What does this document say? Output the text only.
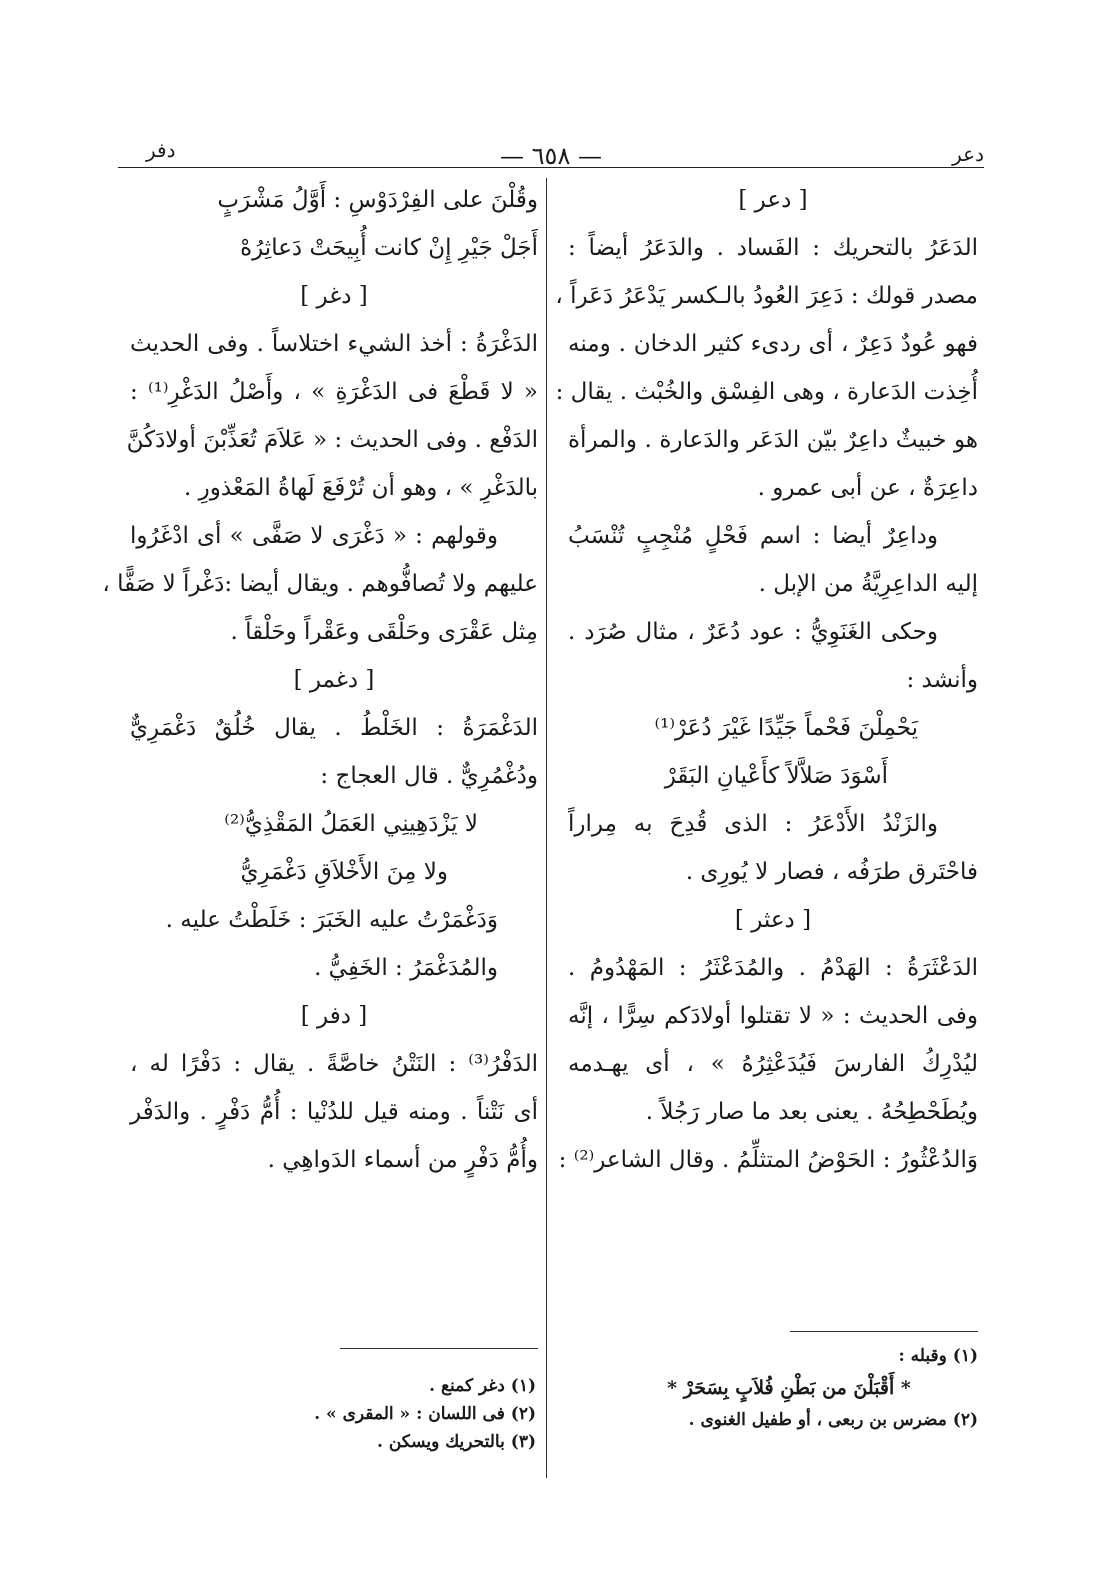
دعر
— ٦٥٨ —
دفر
[ دعر ]
الدَعَرُ بالتحريك : الفَساد . والدَعَرُ أيضاً :
مصدر قولك : دَعِرَ العُودُ بالـكسر يَدْعَرُ دَعَراً ،
فهو عُودٌ دَعِرٌ ، أى ردىء كثير الدخان . ومنه
أُخِذت الدَعارة ، وهى الفِسْق والخُبْث . يقال :
هو خبيثٌ داعِرٌ بيّن الدَعَر والدَعارة . والمرأة
داعِرَةٌ ، عن أبى عمرو .
وداعِرٌ أيضا : اسم فَحْلٍ مُنْجِبٍ تُنْسَبُ
إليه الداعِرِيَّةُ من الإبل .
وحكى الغَنَوِيُّ : عود دُعَرٌ ، مثال صُرَد .
وأنشد :
يَحْمِلْنَ فَحْماً جَيِّدًا غَيْرَ دُعَرْ⁽¹⁾
أَسْوَدَ صَلاَّلاً كأَعْيانِ البَقَرْ
والزَنْدُ الأَدْعَرُ : الذى قُدِحَ به مِراراً
فاحْتَرق طرَفُه ، فصار لا يُورِى .
[ دعثر ]
الدَعْثَرَةُ : الهَدْمُ . والمُدَعْثَرُ : المَهْدُومُ .
وفى الحديث : « لا تقتلوا أولادَكم سِرًّا ، إنَّه
ليُدْرِكُ الفارسَ فَيُدَعْثِرُهُ » ، أى يهـدمه
ويُطَحْطِحُهُ . يعنى بعد ما صار رَجُلاً .
وَالدُعْثُورُ : الحَوْضُ المتثلِّمُ . وقال الشاعر⁽²⁾ :
وقُلْنَ على الفِرْدَوْسِ : أَوَّلُ مَشْرَبٍ
أَجَلْ جَيْرِ إِنْ كانت أُبِيحَتْ دَعاثِرُهْ
[ دغر ]
الدَغْرَةُ : أخذ الشيء اختلاساً . وفى الحديث
« لا قَطْعَ فى الدَغْرَةِ » ، وأَصْلُ الدَغْرِ⁽¹⁾ :
الدَفْع . وفى الحديث : « عَلاَمَ تُعَذِّبْنَ أولادَكُنَّ
بالدَغْرِ » ، وهو أن تُرْفَعَ لَهاةُ المَعْذورِ .
وقولهم : « دَغْرَى لا صَفَّى » أى ادْغَرُوا
عليهم ولا تُصافُّوهم . ويقال أيضا :دَغْراً لا صَفًّا ،
مِثل عَقْرَى وحَلْقَى وعَقْراً وحَلْقاً .
[ دغمر ]
الدَغْمَرَةُ : الخَلْطُ . يقال خُلُقٌ دَغْمَرِيٌّ
ودُغْمُرِيٌّ . قال العجاج :
لا يَزْدَهِينِي العَمَلُ المَقْذِيُّ⁽²⁾
ولا مِنَ الأَخْلاَقِ دَغْمَرِيُّ
وَدَغْمَرْتُ عليه الخَبَرَ : خَلَطْتُ عليه .
والمُدَغْمَرُ : الخَفِيُّ .
[ دفر ]
الدَفْرُ⁽³⁾ : النَتْنُ خاصَّةً . يقال : دَفْرًا له ،
أى نَتْناً . ومنه قيل للدُنْيا : أُمُّ دَفْرٍ . والدَفْر
وأُمُّ دَفْرٍ من أسماء الدَواهِي .
(١) وقبله :
* أَقْبَلْنَ من بَطْنِ فُلاَبٍ بِسَحَرْ *
(٢) مضرس بن ربعى ، أو طفيل الغنوى .
(١) دغر كمنع .
(٢) فى اللسان : « المقرى » .
(٣) بالتحريك ويسكن .
